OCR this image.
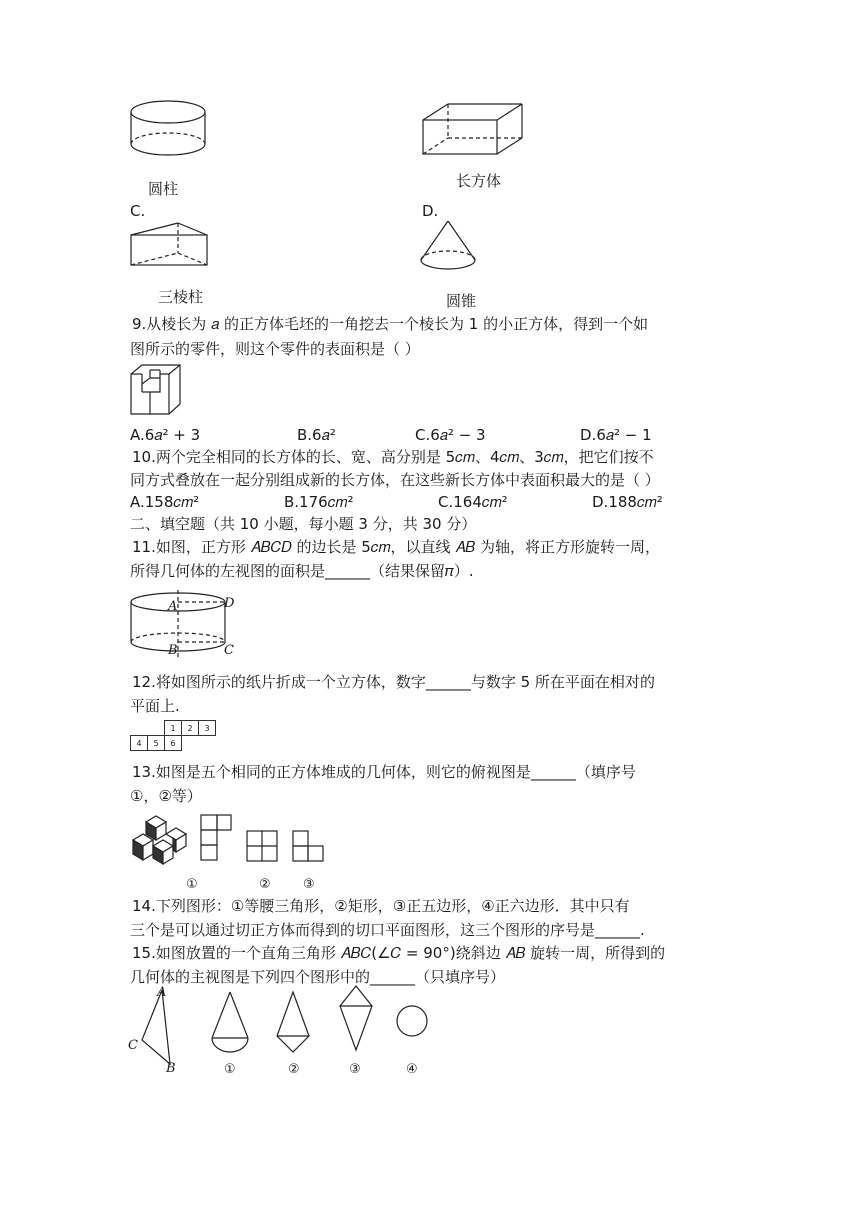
圆柱	长方体
C.	D.
三棱柱	圆锥
9.从棱长为 𝑎 的正方体毛坯的一角挖去一个棱长为 1 的小正方体，得到一个如
图所示的零件，则这个零件的表面积是（ ）
A.6𝑎² + 3	B.6𝑎²	C.6𝑎² − 3	D.6𝑎² − 1
10.两个完全相同的长方体的长、宽、高分别是 5𝑐𝑚、4𝑐𝑚、3𝑐𝑚，把它们按不
同方式叠放在一起分别组成新的长方体，在这些新长方体中表面积最大的是（ ）
A.158𝑐𝑚²	B.176𝑐𝑚²	C.164𝑐𝑚²	D.188𝑐𝑚²
二、填空题（共 10 小题，每小题 3 分，共 30 分）
11.如图，正方形 𝐴𝐵𝐶𝐷 的边长是 5𝑐𝑚，以直线 𝐴𝐵 为轴，将正方形旋转一周，
所得几何体的左视图的面积是______（结果保留𝜋）.
A	D
B	C
12.将如图所示的纸片折成一个立方体，数字______与数字 5 所在平面在相对的
平面上.
		1	2	3
4	5	6		
13.如图是五个相同的正方体堆成的几何体，则它的俯视图是______（填序号
①，②等）
①	② ③
14.下列图形：①等腰三角形，②矩形，③正五边形，④正六边形．其中只有
三个是可以通过切正方体而得到的切口平面图形，这三个图形的序号是______.
15.如图放置的一个直角三角形 𝐴𝐵𝐶(∠𝐶 = 90°)绕斜边 𝐴𝐵 旋转一周，所得到的
几何体的主视图是下列四个图形中的______（只填序号）
A
C
B	①	②	③	④
